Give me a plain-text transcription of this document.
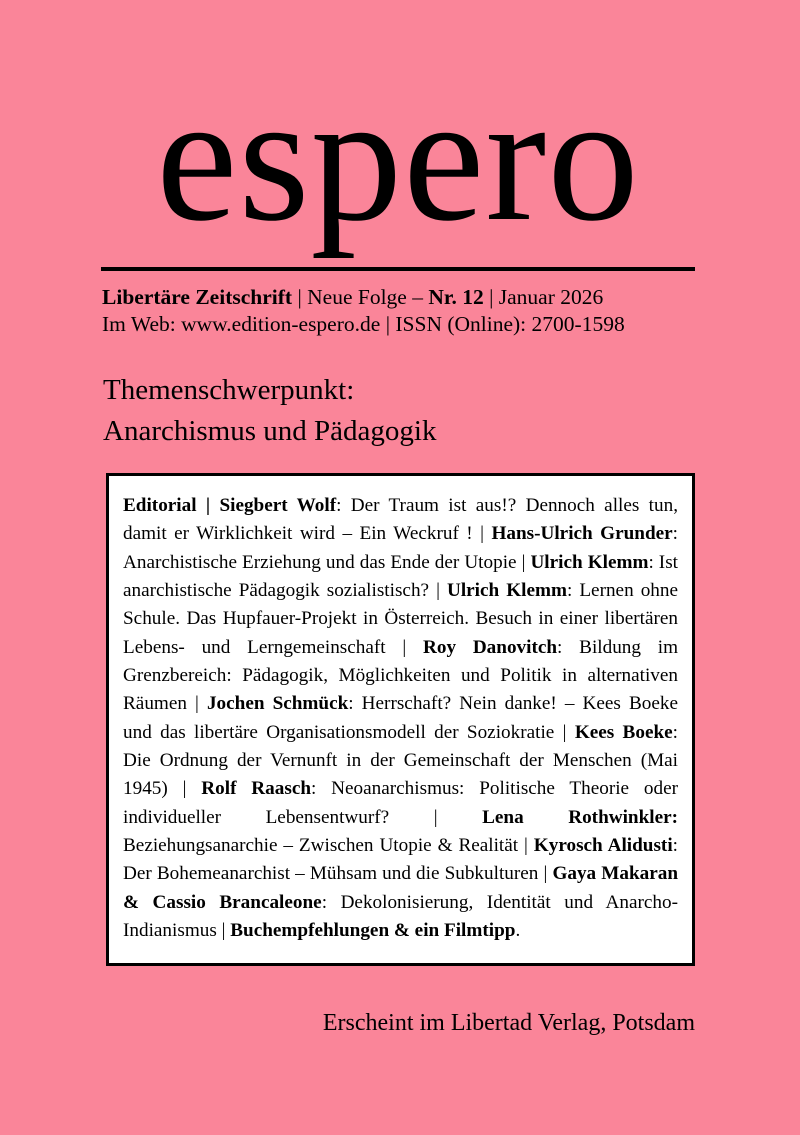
espero
Libertäre Zeitschrift | Neue Folge – Nr. 12 | Januar 2026
Im Web: www.edition-espero.de | ISSN (Online): 2700-1598
Themenschwerpunkt:
Anarchismus und Pädagogik
Editorial | Siegbert Wolf: Der Traum ist aus!? Dennoch alles tun, damit er Wirklichkeit wird – Ein Weckruf ! | Hans-Ulrich Grunder: Anarchistische Erziehung und das Ende der Utopie | Ulrich Klemm: Ist anarchistische Pädagogik sozialistisch? | Ulrich Klemm: Lernen ohne Schule. Das Hupfauer-Projekt in Österreich. Besuch in einer libertären Lebens- und Lerngemeinschaft | Roy Danovitch: Bildung im Grenzbereich: Pädagogik, Möglichkeiten und Politik in alternativen Räumen | Jochen Schmück: Herrschaft? Nein danke! – Kees Boeke und das libertäre Organisationsmodell der Soziokratie | Kees Boeke: Die Ordnung der Vernunft in der Gemeinschaft der Menschen (Mai 1945) | Rolf Raasch: Neoanarchismus: Politische Theorie oder individueller Lebensentwurf? | Lena Rothwinkler: Beziehungsanarchie – Zwischen Utopie & Realität | Kyrosch Alidusti: Der Bohemeanarchist – Mühsam und die Subkulturen | Gaya Makaran & Cassio Brancaleone: Dekolonisierung, Identität und Anarcho-Indianismus | Buchempfehlungen & ein Filmtipp.
Erscheint im Libertad Verlag, Potsdam
